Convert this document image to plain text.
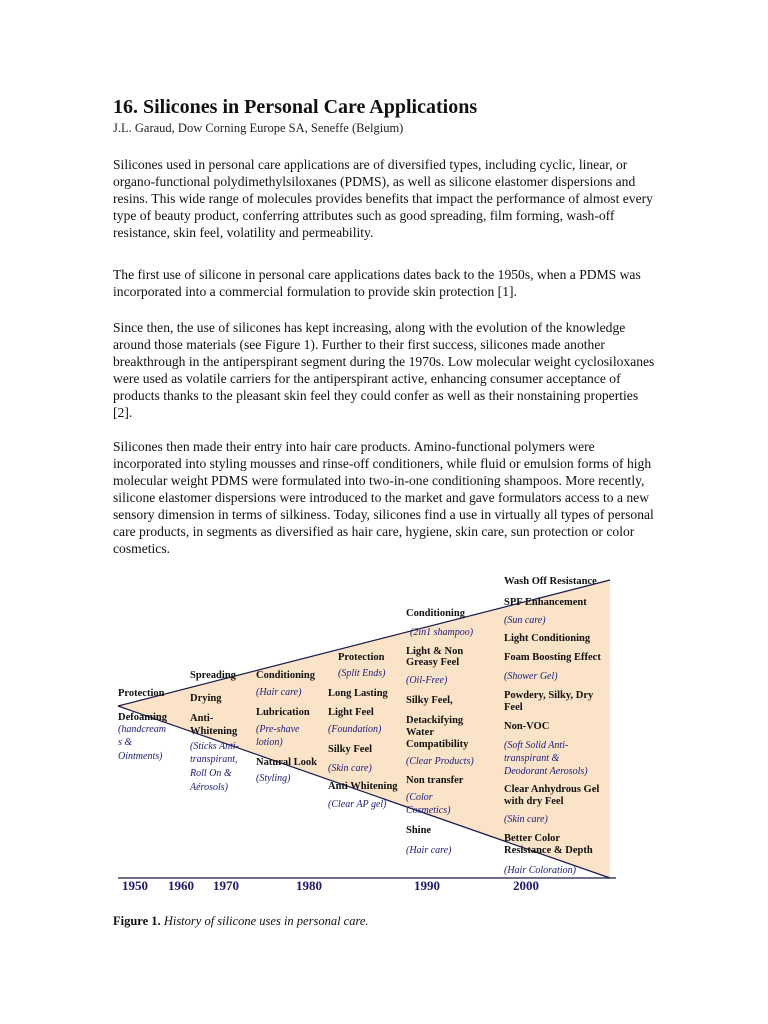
16. Silicones in Personal Care Applications
J.L. Garaud, Dow Corning Europe SA, Seneffe (Belgium)

Silicones used in personal care applications are of diversified types, including cyclic, linear, or organo-functional polydimethylsiloxanes (PDMS), as well as silicone elastomer dispersions and resins. This wide range of molecules provides benefits that impact the performance of almost every type of beauty product, conferring attributes such as good spreading, film forming, wash-off resistance, skin feel, volatility and permeability.

The first use of silicone in personal care applications dates back to the 1950s, when a PDMS was incorporated into a commercial formulation to provide skin protection [1].

Since then, the use of silicones has kept increasing, along with the evolution of the knowledge around those materials (see Figure 1). Further to their first success, silicones made another breakthrough in the antiperspirant segment during the 1970s. Low molecular weight cyclosiloxanes were used as volatile carriers for the antiperspirant active, enhancing consumer acceptance of products thanks to the pleasant skin feel they could confer as well as their nonstaining properties [2].

Silicones then made their entry into hair care products. Amino-functional polymers were incorporated into styling mousses and rinse-off conditioners, while fluid or emulsion forms of high molecular weight PDMS were formulated into two-in-one conditioning shampoos. More recently, silicone elastomer dispersions were introduced to the market and gave formulators access to a new sensory dimension in terms of silkiness. Today, silicones find a use in virtually all types of personal care products, in segments as diversified as hair care, hygiene, skin care, sun protection or color cosmetics.

1950 1960 1970	1980	1990	2000
Protection
Defoaming
(handcream
s &
Ointments)
Spreading
Drying
Anti-
Whitening
(Sticks Anti-
transpirant,
Roll On &
Aérosols)
Conditioning
(Hair care)
Lubrication
(Pre-shave
lotion)
Natural Look
(Styling)
Protection
(Split Ends)
Long Lasting
Light Feel
(Foundation)
Silky Feel
(Skin care)
Anti Whitening
(Clear AP gel)
Conditioning
(2in1 shampoo)
Light & Non
Greasy Feel
(Oil-Free)
Silky Feel,
Detackifying
Water
Compatibility
(Clear Products)
Non transfer
(Color
Cosmetics)
Shine
(Hair care)
Wash Off Resistance
SPF Enhancement
(Sun care)
Light Conditioning
Foam Boosting Effect
(Shower Gel)
Powdery, Silky, Dry
Feel
Non-VOC
(Soft Solid Anti-
transpirant &
Deodorant Aerosols)
Clear Anhydrous Gel
with dry Feel
(Skin care)
Better Color
Resistance & Depth
(Hair Coloration)
Figure 1. History of silicone uses in personal care.
